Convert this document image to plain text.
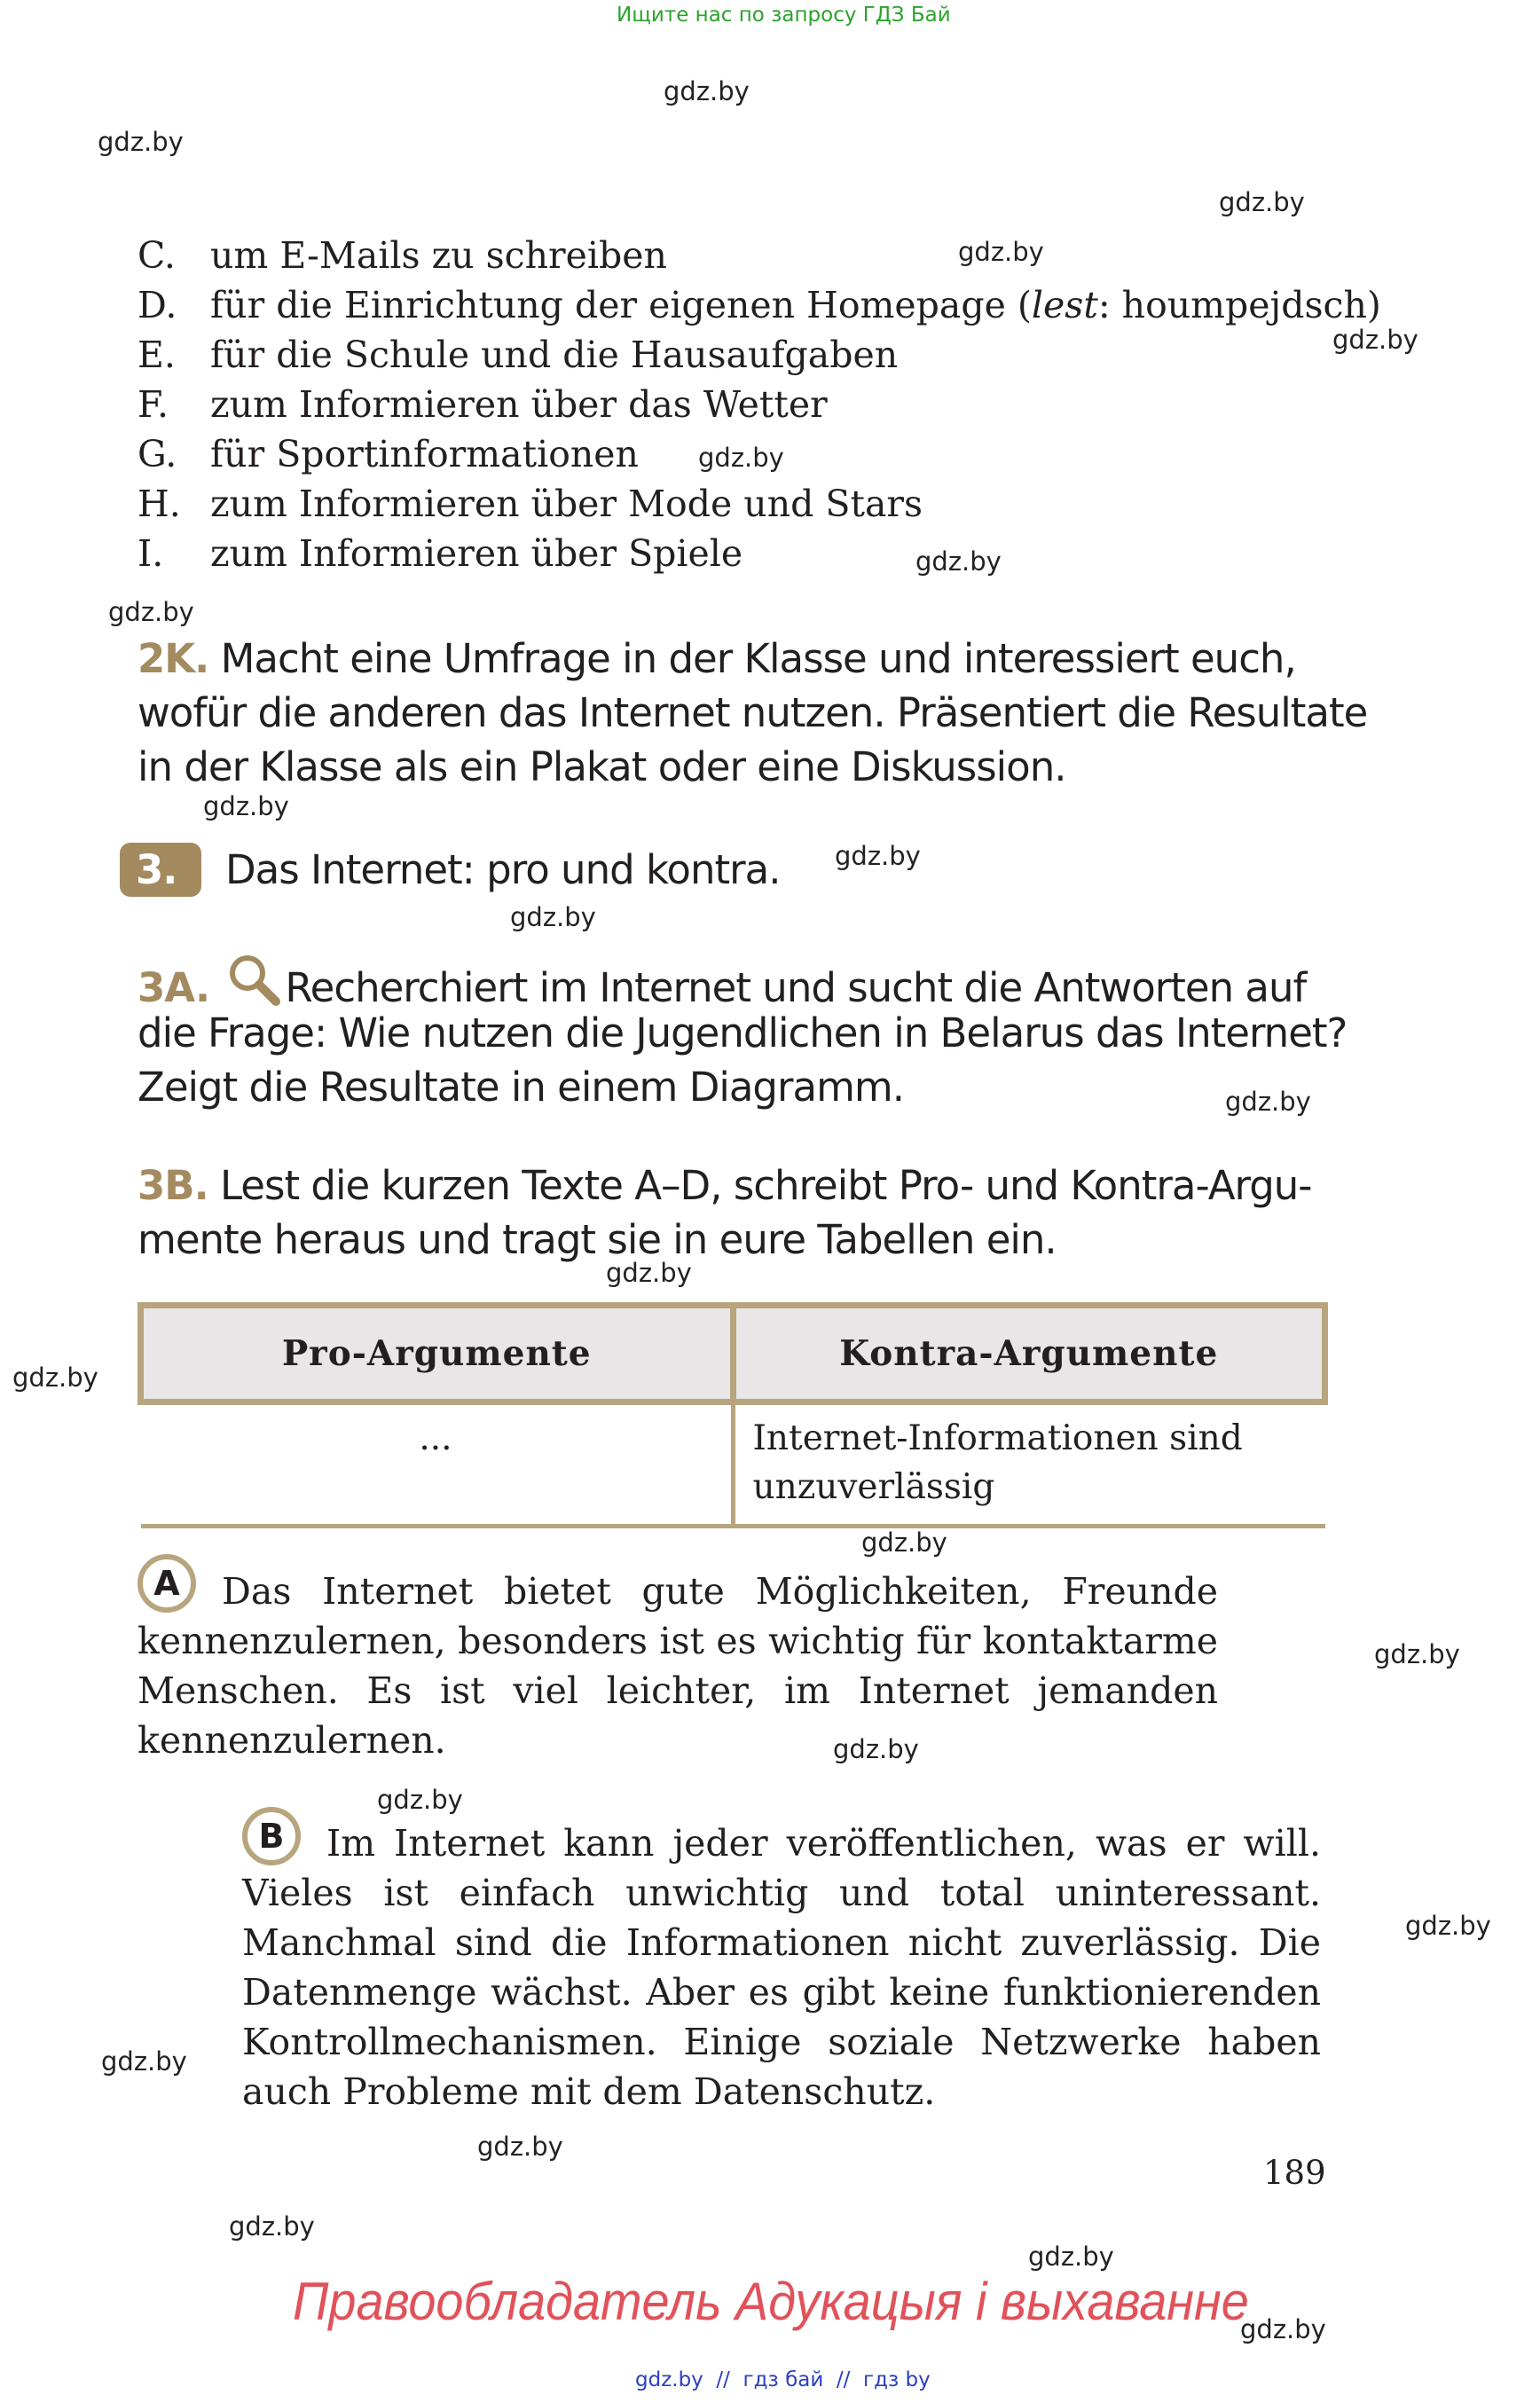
Ищите нас по запросу ГДЗ Бай
gdz.by
gdz.by
gdz.by
gdz.by
gdz.by
gdz.by
gdz.by
gdz.by
gdz.by
gdz.by
gdz.by
gdz.by
gdz.by
gdz.by
gdz.by
gdz.by
gdz.by
gdz.by
gdz.by
gdz.by
gdz.by
gdz.by
gdz.by
gdz.by
C. um E-Mails zu schreiben
D. für die Einrichtung der eigenen Homepage (lest: houmpejdsch)
E. für die Schule und die Hausaufgaben
F. zum Informieren über das Wetter
G. für Sportinformationen
H. zum Informieren über Mode und Stars
I. zum Informieren über Spiele
2K. Macht eine Umfrage in der Klasse und interessiert euch,
wofür die anderen das Internet nutzen. Präsentiert die Resultate
in der Klasse als ein Plakat oder eine Diskussion.
3. Das Internet: pro und kontra.
3A. Recherchiert im Internet und sucht die Antworten auf
die Frage: Wie nutzen die Jugendlichen in Belarus das Internet?
Zeigt die Resultate in einem Diagramm.
3B. Lest die kurzen Texte A–D, schreibt Pro- und Kontra-Argu-
mente heraus und tragt sie in eure Tabellen ein.
Pro-Argumente	Kontra-Argumente
...	Internet-Informationen sind unzuverlässig
A	Das Internet bietet gute Möglichkeiten, Freunde kennenzulernen, besonders ist es wichtig für kontaktarme Menschen. Es ist viel leichter, im Internet jemanden kennenzulernen.
B	Im Internet kann jeder veröffentlichen, was er will. Vieles ist einfach unwichtig und total uninteressant. Manchmal sind die Informationen nicht zuverlässig. Die Datenmenge wächst. Aber es gibt keine funktionierenden Kontrollmechanismen. Einige soziale Netzwerke haben auch Probleme mit dem Datenschutz.
189
Правообладатель Адукацыя і выхаванне
gdz.by  //  гдз бай  //  гдз by
